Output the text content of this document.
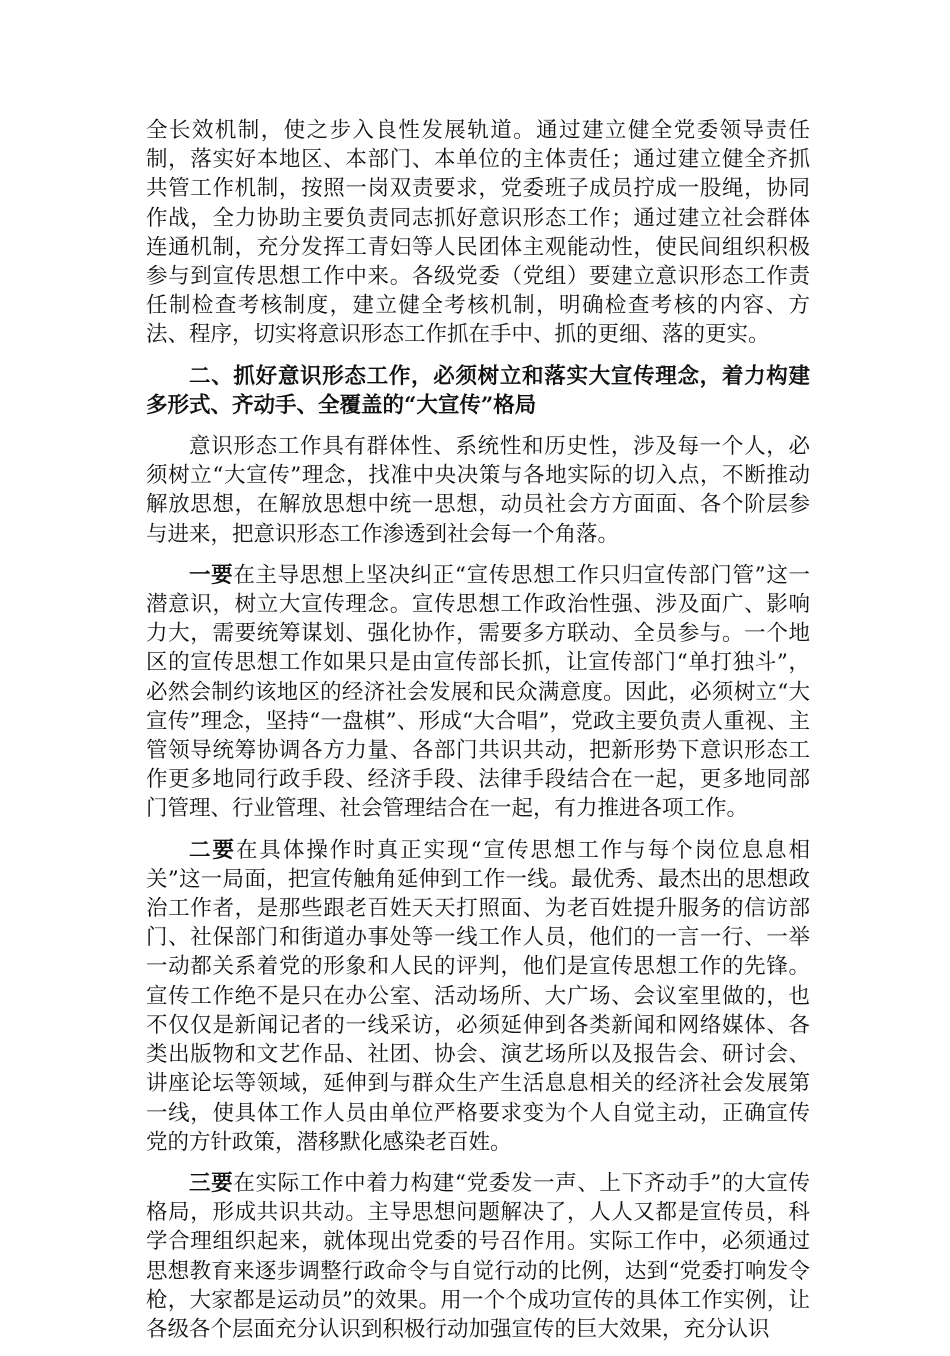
全长效机制，使之步入良性发展轨道。通过建立健全党委领导责任制，落实好本地区、本部门、本单位的主体责任；通过建立健全齐抓共管工作机制，按照一岗双责要求，党委班子成员拧成一股绳，协同作战，全力协助主要负责同志抓好意识形态工作；通过建立社会群体连通机制，充分发挥工青妇等人民团体主观能动性，使民间组织积极参与到宣传思想工作中来。各级党委（党组）要建立意识形态工作责任制检查考核制度，建立健全考核机制，明确检查考核的内容、方法、程序，切实将意识形态工作抓在手中、抓的更细、落的更实。

二、抓好意识形态工作，必须树立和落实大宣传理念，着力构建多形式、齐动手、全覆盖的“大宣传”格局

意识形态工作具有群体性、系统性和历史性，涉及每一个人，必须树立“大宣传”理念，找准中央决策与各地实际的切入点，不断推动解放思想，在解放思想中统一思想，动员社会方方面面、各个阶层参与进来，把意识形态工作渗透到社会每一个角落。

一要在主导思想上坚决纠正“宣传思想工作只归宣传部门管”这一潜意识，树立大宣传理念。宣传思想工作政治性强、涉及面广、影响力大，需要统筹谋划、强化协作，需要多方联动、全员参与。一个地区的宣传思想工作如果只是由宣传部长抓，让宣传部门“单打独斗”，必然会制约该地区的经济社会发展和民众满意度。因此，必须树立“大宣传”理念，坚持“一盘棋”、形成“大合唱”，党政主要负责人重视、主管领导统筹协调各方力量、各部门共识共动，把新形势下意识形态工作更多地同行政手段、经济手段、法律手段结合在一起，更多地同部门管理、行业管理、社会管理结合在一起，有力推进各项工作。

二要在具体操作时真正实现“宣传思想工作与每个岗位息息相关”这一局面，把宣传触角延伸到工作一线。最优秀、最杰出的思想政治工作者，是那些跟老百姓天天打照面、为老百姓提升服务的信访部门、社保部门和街道办事处等一线工作人员，他们的一言一行、一举一动都关系着党的形象和人民的评判，他们是宣传思想工作的先锋。宣传工作绝不是只在办公室、活动场所、大广场、会议室里做的，也不仅仅是新闻记者的一线采访，必须延伸到各类新闻和网络媒体、各类出版物和文艺作品、社团、协会、演艺场所以及报告会、研讨会、讲座论坛等领域，延伸到与群众生产生活息息相关的经济社会发展第一线，使具体工作人员由单位严格要求变为个人自觉主动，正确宣传党的方针政策，潜移默化感染老百姓。

三要在实际工作中着力构建“党委发一声、上下齐动手”的大宣传格局，形成共识共动。主导思想问题解决了，人人又都是宣传员，科学合理组织起来，就体现出党委的号召作用。实际工作中，必须通过思想教育来逐步调整行政命令与自觉行动的比例，达到“党委打响发令枪，大家都是运动员”的效果。用一个个成功宣传的具体工作实例，让各级各个层面充分认识到积极行动加强宣传的巨大效果，充分认识
